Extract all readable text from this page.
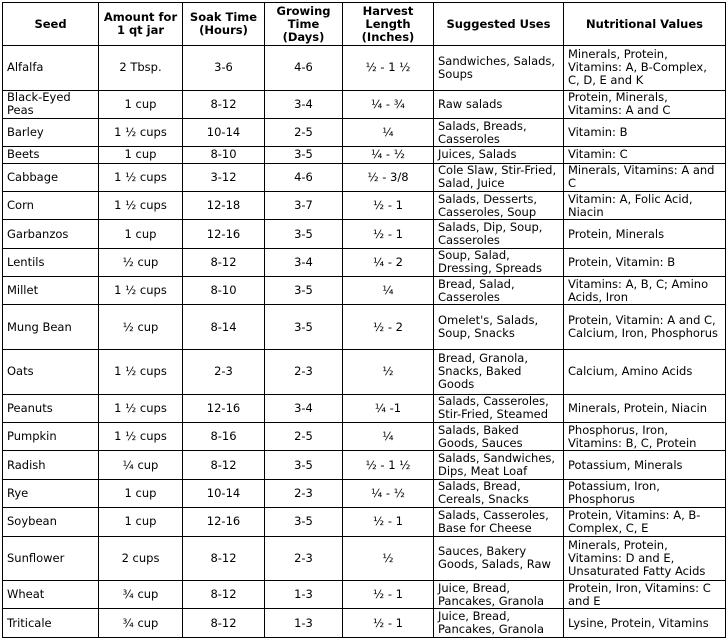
Seed	Amount for 1 qt jar	Soak Time (Hours)	Growing Time (Days)	Harvest Length (Inches)	Suggested Uses	Nutritional Values
Alfalfa	2 Tbsp.	3-6	4-6	½ - 1 ½	Sandwiches, Salads, Soups	Minerals, Protein, Vitamins: A, B-Complex, C, D, E and K
Black-Eyed Peas	1 cup	8-12	3-4	¼ - ¾	Raw salads	Protein, Minerals, Vitamins: A and C
Barley	1 ½ cups	10-14	2-5	¼	Salads, Breads, Casseroles	Vitamin: B
Beets	1 cup	8-10	3-5	¼ - ½	Juices, Salads	Vitamin: C
Cabbage	1 ½ cups	3-12	4-6	½ - 3/8	Cole Slaw, Stir-Fried, Salad, Juice	Minerals, Vitamins: A and C
Corn	1 ½ cups	12-18	3-7	½ - 1	Salads, Desserts, Casseroles, Soup	Vitamin: A, Folic Acid, Niacin
Garbanzos	1 cup	12-16	3-5	½ - 1	Salads, Dip, Soup, Casseroles	Protein, Minerals
Lentils	½ cup	8-12	3-4	¼ - 2	Soup, Salad, Dressing, Spreads	Protein, Vitamin: B
Millet	1 ½ cups	8-10	3-5	¼	Bread, Salad, Casseroles	Vitamins: A, B, C; Amino Acids, Iron
Mung Bean	½ cup	8-14	3-5	½ - 2	Omelet's, Salads, Soup, Snacks	Protein, Vitamin: A and C, Calcium, Iron, Phosphorus
Oats	1 ½ cups	2-3	2-3	½	Bread, Granola, Snacks, Baked Goods	Calcium, Amino Acids
Peanuts	1 ½ cups	12-16	3-4	¼ -1	Salads, Casseroles, Stir-Fried, Steamed	Minerals, Protein, Niacin
Pumpkin	1 ½ cups	8-16	2-5	¼	Salads, Baked Goods, Sauces	Phosphorus, Iron, Vitamins: B, C, Protein
Radish	¼ cup	8-12	3-5	½ - 1 ½	Salads, Sandwiches, Dips, Meat Loaf	Potassium, Minerals
Rye	1 cup	10-14	2-3	¼ - ½	Salads, Bread, Cereals, Snacks	Potassium, Iron, Phosphorus
Soybean	1 cup	12-16	3-5	½ - 1	Salads, Casseroles, Base for Cheese	Protein, Vitamins: A, B-Complex, C, E
Sunflower	2 cups	8-12	2-3	½	Sauces, Bakery Goods, Salads, Raw	Minerals, Protein, Vitamins: D and E, Unsaturated Fatty Acids
Wheat	¾ cup	8-12	1-3	½ - 1	Juice, Bread, Pancakes, Granola	Protein, Iron, Vitamins: C and E
Triticale	¾ cup	8-12	1-3	½ - 1	Juice, Bread, Pancakes, Granola	Lysine, Protein, Vitamins
